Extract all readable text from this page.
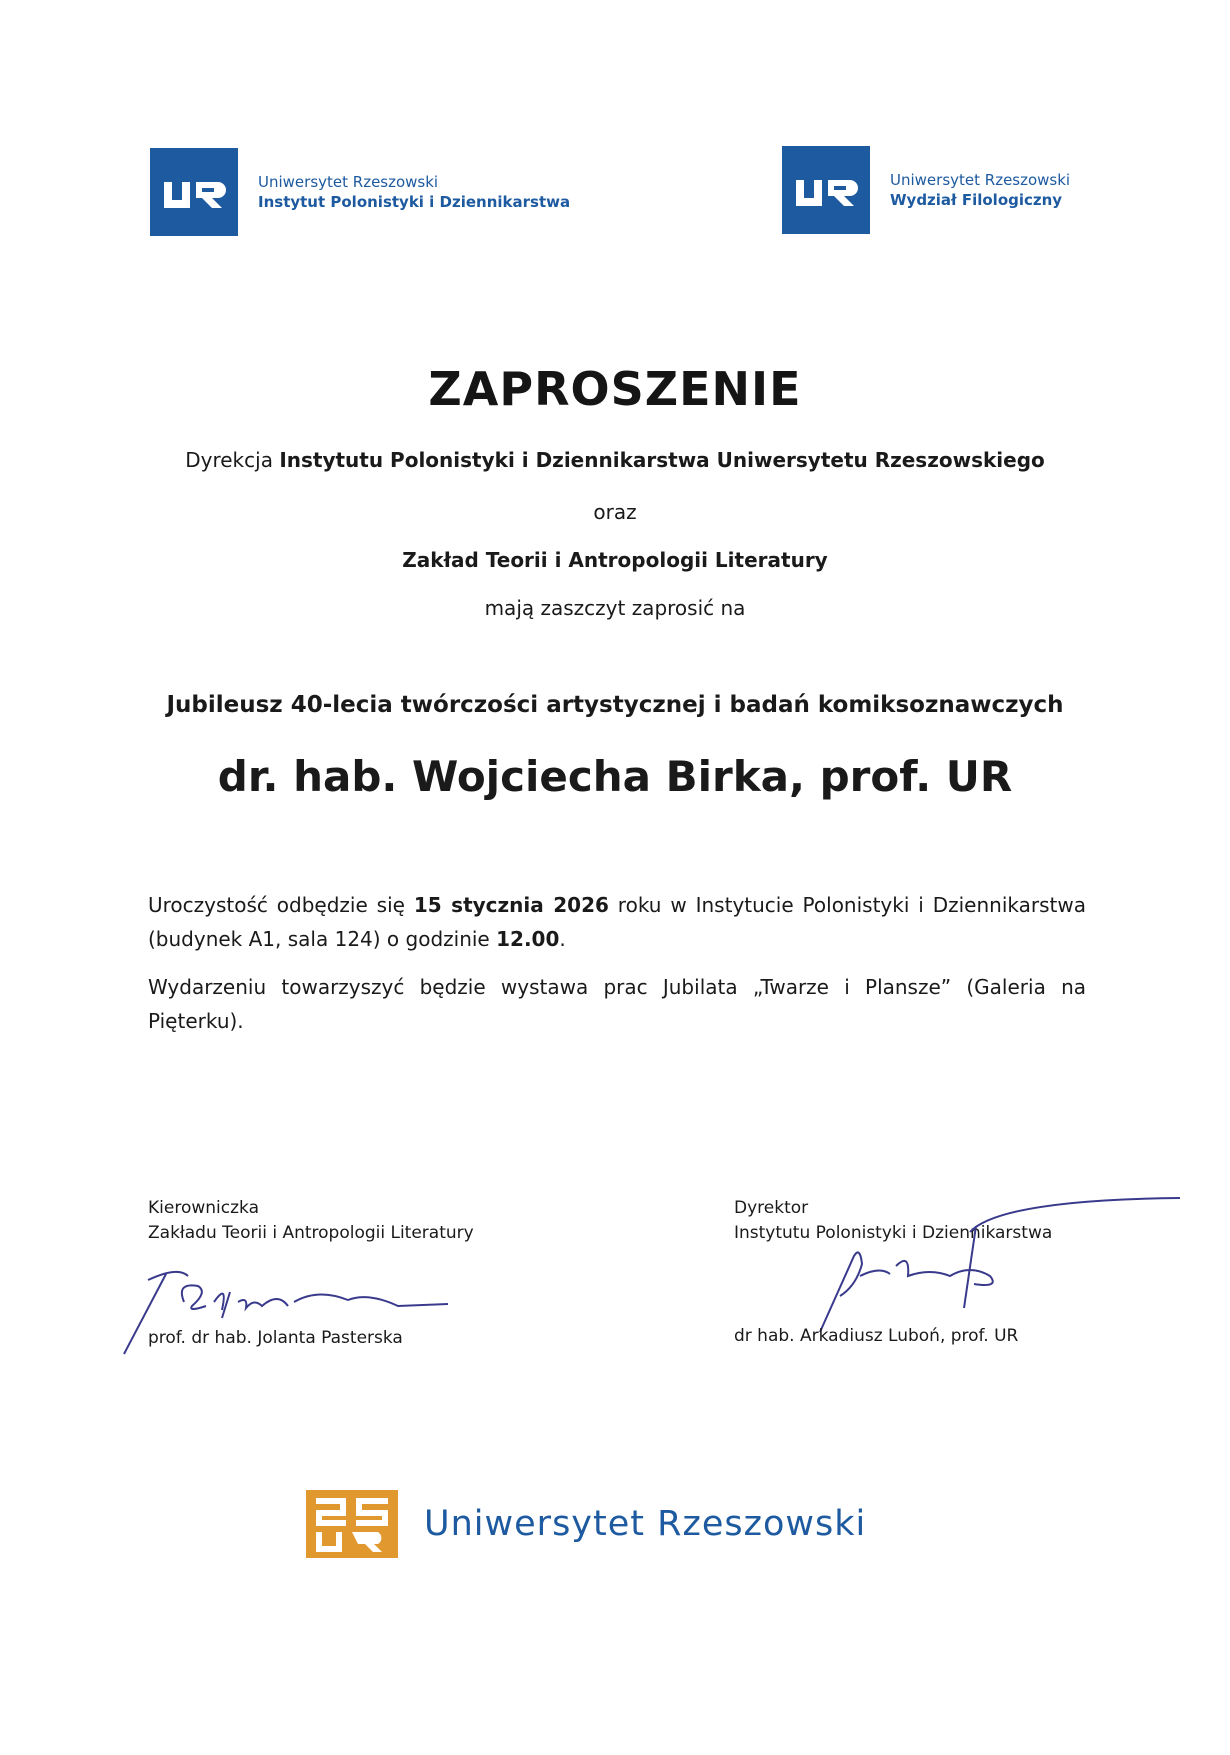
Uniwersytet Rzeszowski
Instytut Polonistyki i Dziennikarstwa
Uniwersytet Rzeszowski
Wydział Filologiczny
ZAPROSZENIE
Dyrekcja Instytutu Polonistyki i Dziennikarstwa Uniwersytetu Rzeszowskiego
oraz
Zakład Teorii i Antropologii Literatury
mają zaszczyt zaprosić na
Jubileusz 40-lecia twórczości artystycznej i badań komiksoznawczych
dr. hab. Wojciecha Birka, prof. UR
Uroczystość odbędzie się 15 stycznia 2026 roku w Instytucie Polonistyki i Dziennikarstwa (budynek A1, sala 124) o godzinie 12.00.
Wydarzeniu towarzyszyć będzie wystawa prac Jubilata „Twarze i Plansze” (Galeria na Pięterku).
Kierowniczka
Zakładu Teorii i Antropologii Literatury
prof. dr hab. Jolanta Pasterska
Dyrektor
Instytutu Polonistyki i Dziennikarstwa
dr hab. Arkadiusz Luboń, prof. UR
Uniwersytet Rzeszowski
